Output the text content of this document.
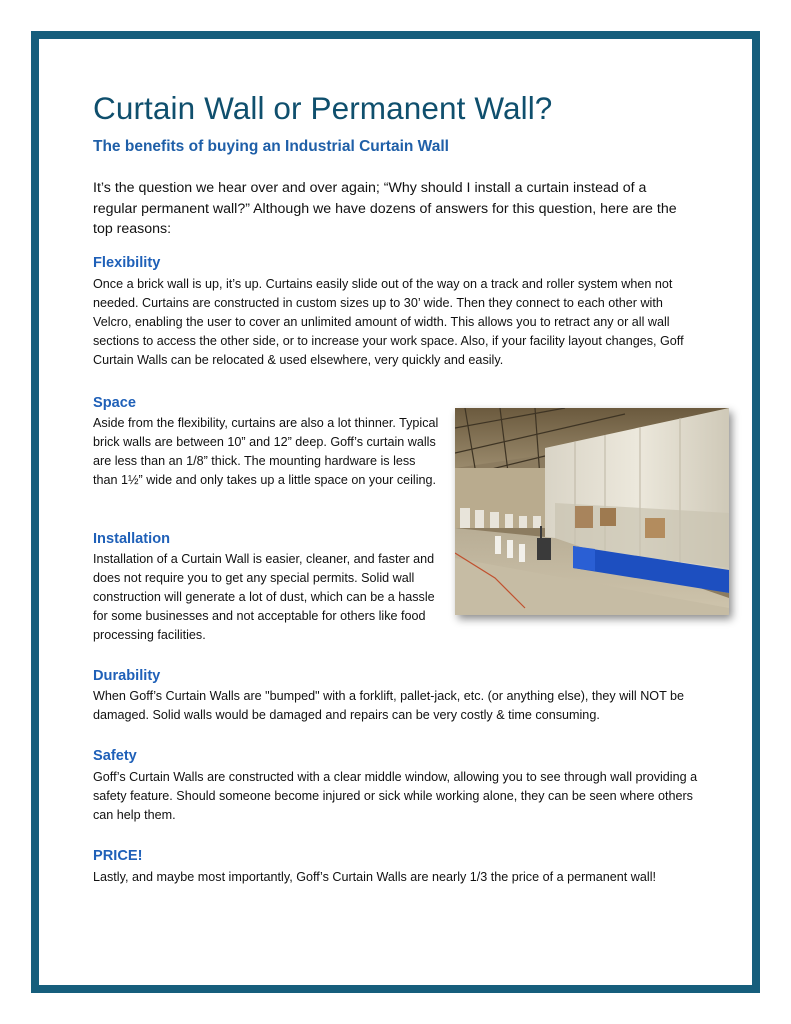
Curtain Wall or Permanent Wall?
The benefits of buying an Industrial Curtain Wall

It’s the question we hear over and over again; “Why should I install a curtain instead of a regular permanent wall?” Although we have dozens of answers for this question, here are the top reasons:

Flexibility

Once a brick wall is up, it’s up. Curtains easily slide out of the way on a track and roller system when not needed. Curtains are constructed in custom sizes up to 30’ wide. Then they connect to each other with Velcro, enabling the user to cover an unlimited amount of width. This allows you to retract any or all wall sections to access the other side, or to increase your work space. Also, if your facility layout changes, Goff Curtain Walls can be relocated & used elsewhere, very quickly and easily.

Space

Aside from the flexibility, curtains are also a lot thinner. Typical brick walls are between 10” and 12” deep. Goff’s curtain walls are less than an 1/8” thick. The mounting hardware is less than 1½” wide and only takes up a little space on your ceiling.

Installation

Installation of a Curtain Wall is easier, cleaner, and faster and does not require you to get any special permits. Solid wall construction will generate a lot of dust, which can be a hassle for some businesses and not acceptable for others like food processing facilities.

Durability

When Goff’s Curtain Walls are "bumped" with a forklift, pallet-jack, etc. (or anything else), they will NOT be damaged. Solid walls would be damaged and repairs can be very costly & time consuming.

Safety

Goff’s Curtain Walls are constructed with a clear middle window, allowing you to see through wall providing a safety feature. Should someone become injured or sick while working alone, they can be seen where others can help them.

PRICE!

Lastly, and maybe most importantly, Goff’s Curtain Walls are nearly 1/3 the price of a permanent wall!
